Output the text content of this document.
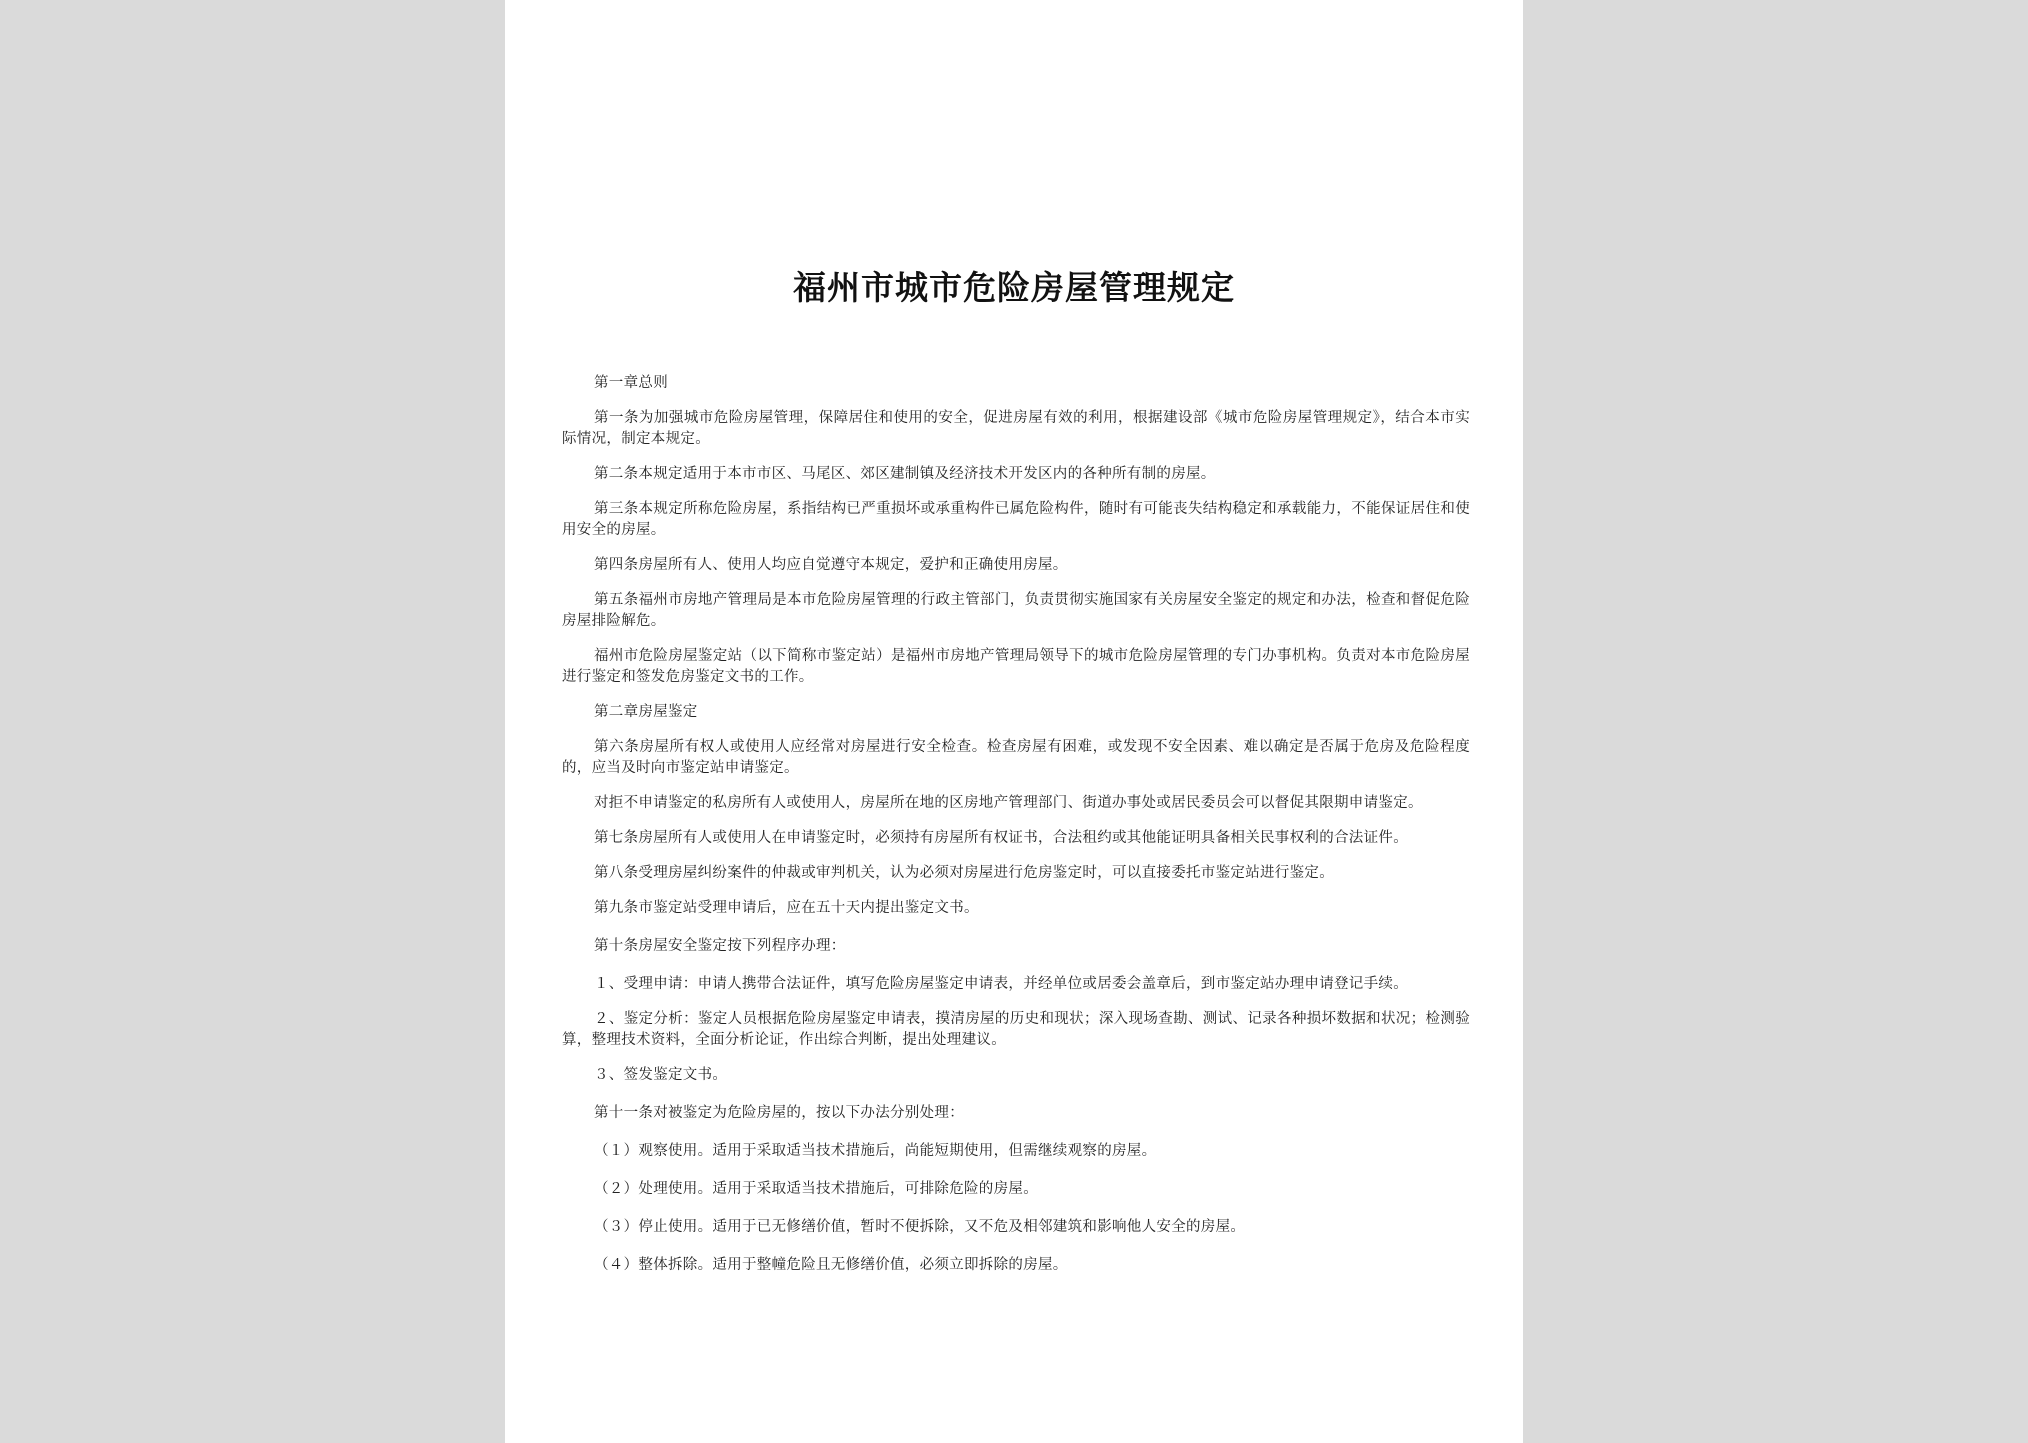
福州市城市危险房屋管理规定

第一章总则

第一条为加强城市危险房屋管理，保障居住和使用的安全，促进房屋有效的利用，根据建设部《城市危险房屋管理规定》，结合本市实际情况，制定本规定。

第二条本规定适用于本市市区、马尾区、郊区建制镇及经济技术开发区内的各种所有制的房屋。

第三条本规定所称危险房屋，系指结构已严重损坏或承重构件已属危险构件，随时有可能丧失结构稳定和承载能力，不能保证居住和使用安全的房屋。

第四条房屋所有人、使用人均应自觉遵守本规定，爱护和正确使用房屋。

第五条福州市房地产管理局是本市危险房屋管理的行政主管部门，负责贯彻实施国家有关房屋安全鉴定的规定和办法，检查和督促危险房屋排险解危。

福州市危险房屋鉴定站（以下简称市鉴定站）是福州市房地产管理局领导下的城市危险房屋管理的专门办事机构。负责对本市危险房屋进行鉴定和签发危房鉴定文书的工作。

第二章房屋鉴定

第六条房屋所有权人或使用人应经常对房屋进行安全检查。检查房屋有困难，或发现不安全因素、难以确定是否属于危房及危险程度的，应当及时向市鉴定站申请鉴定。

对拒不申请鉴定的私房所有人或使用人，房屋所在地的区房地产管理部门、街道办事处或居民委员会可以督促其限期申请鉴定。

第七条房屋所有人或使用人在申请鉴定时，必须持有房屋所有权证书，合法租约或其他能证明具备相关民事权利的合法证件。

第八条受理房屋纠纷案件的仲裁或审判机关，认为必须对房屋进行危房鉴定时，可以直接委托市鉴定站进行鉴定。

第九条市鉴定站受理申请后，应在五十天内提出鉴定文书。

第十条房屋安全鉴定按下列程序办理：

１、受理申请：申请人携带合法证件，填写危险房屋鉴定申请表，并经单位或居委会盖章后，到市鉴定站办理申请登记手续。

２、鉴定分析：鉴定人员根据危险房屋鉴定申请表，摸清房屋的历史和现状；深入现场查勘、测试、记录各种损坏数据和状况；检测验算，整理技术资料，全面分析论证，作出综合判断，提出处理建议。

３、签发鉴定文书。

第十一条对被鉴定为危险房屋的，按以下办法分别处理：

（１）观察使用。适用于采取适当技术措施后，尚能短期使用，但需继续观察的房屋。

（２）处理使用。适用于采取适当技术措施后，可排除危险的房屋。

（３）停止使用。适用于已无修缮价值，暂时不便拆除，又不危及相邻建筑和影响他人安全的房屋。

（４）整体拆除。适用于整幢危险且无修缮价值，必须立即拆除的房屋。
